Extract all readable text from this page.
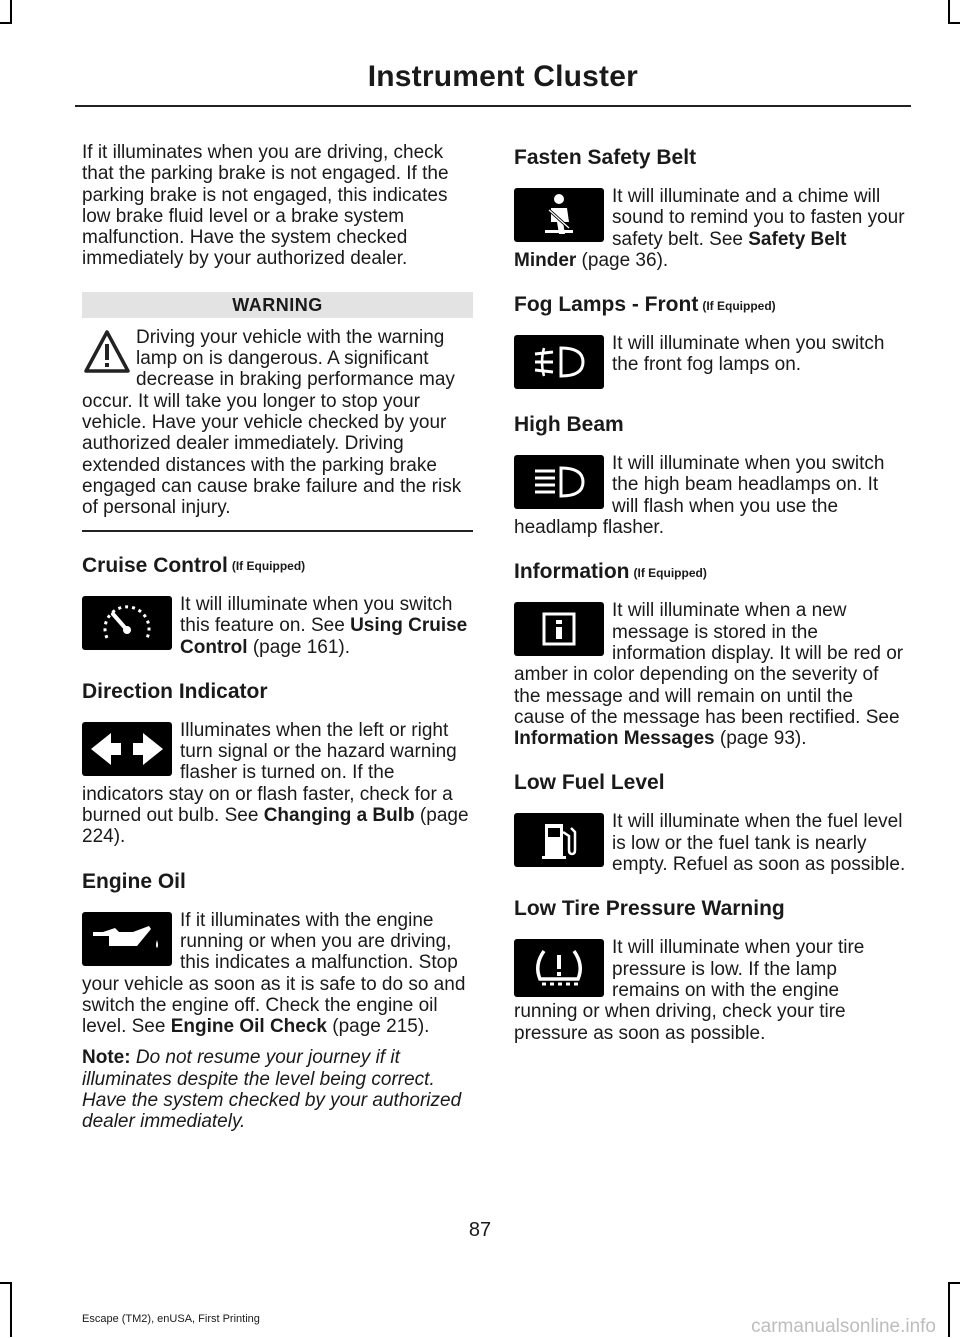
Instrument Cluster

If it illuminates when you are driving, check that the parking brake is not engaged. If the parking brake is not engaged, this indicates low brake fluid level or a brake system malfunction. Have the system checked immediately by your authorized dealer.

WARNING

Driving your vehicle with the warning lamp on is dangerous. A significant decrease in braking performance may occur. It will take you longer to stop your vehicle. Have your vehicle checked by your authorized dealer immediately. Driving extended distances with the parking brake engaged can cause brake failure and the risk of personal injury.

Cruise Control (If Equipped)

It will illuminate when you switch this feature on. See Using Cruise Control (page 161).

Direction Indicator

Illuminates when the left or right turn signal or the hazard warning flasher is turned on. If the indicators stay on or flash faster, check for a burned out bulb. See Changing a Bulb (page 224).

Engine Oil

If it illuminates with the engine running or when you are driving, this indicates a malfunction. Stop your vehicle as soon as it is safe to do so and switch the engine off. Check the engine oil level. See Engine Oil Check (page 215).

Note: Do not resume your journey if it illuminates despite the level being correct. Have the system checked by your authorized dealer immediately.

Fasten Safety Belt

It will illuminate and a chime will sound to remind you to fasten your safety belt. See Safety Belt Minder (page 36).

Fog Lamps - Front (If Equipped)

It will illuminate when you switch the front fog lamps on.

High Beam

It will illuminate when you switch the high beam headlamps on. It will flash when you use the headlamp flasher.

Information (If Equipped)

It will illuminate when a new message is stored in the information display. It will be red or amber in color depending on the severity of the message and will remain on until the cause of the message has been rectified. See Information Messages (page 93).

Low Fuel Level

It will illuminate when the fuel level is low or the fuel tank is nearly empty. Refuel as soon as possible.

Low Tire Pressure Warning

It will illuminate when your tire pressure is low. If the lamp remains on with the engine running or when driving, check your tire pressure as soon as possible.

87
Escape (TM2), enUSA, First Printing	carmanualsonline.info
